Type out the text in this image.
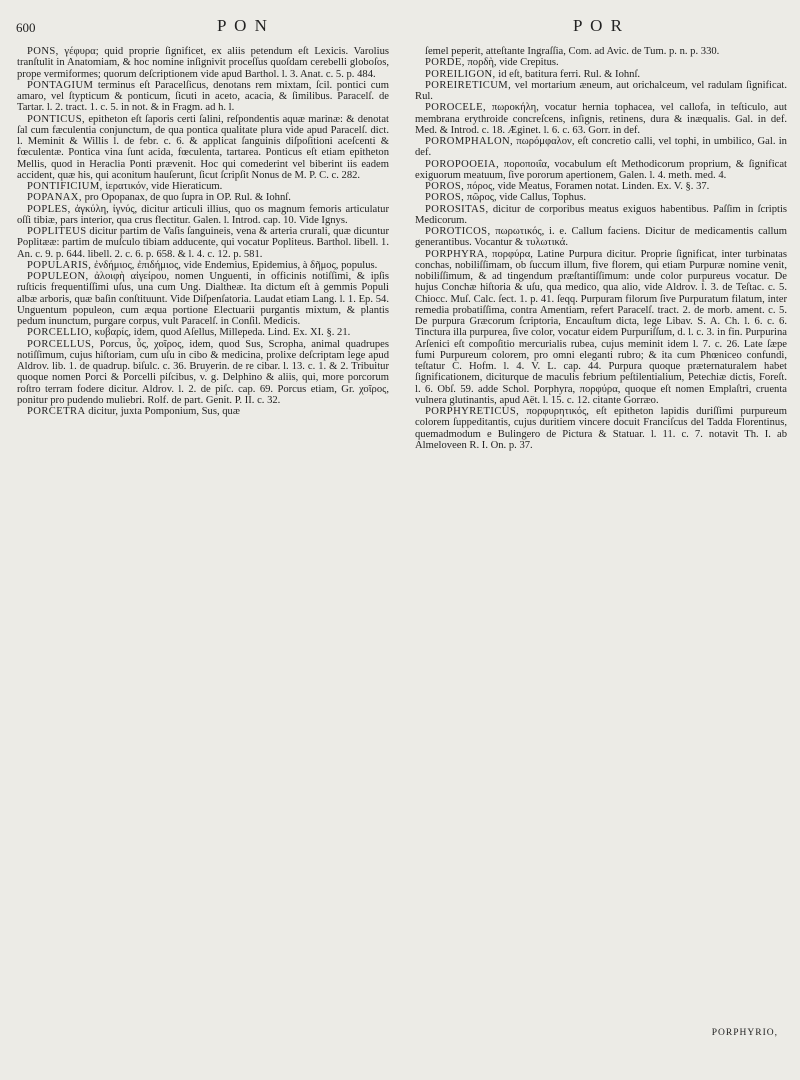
600	P O N	P O R

PONS, γέφυρα; quid proprie ſignificet, ex aliis petendum eſt Lexicis. Varolius tranſtulit in Anatomiam, & hoc nomine inſignivit proceſſus quoſdam cerebelli globoſos, prope vermiformes; quorum deſcriptionem vide apud Barthol. l. 3. Anat. c. 5. p. 484.

PONTAGIUM terminus eſt Paracelſicus, denotans rem mixtam, ſcil. pontici cum amaro, vel ſtypticum & ponticum, ſicuti in aceto, acacia, & ſimilibus. Paracelſ. de Tartar. l. 2. tract. 1. c. 5. in not. & in Fragm. ad h. l.

PONTICUS, epitheton eſt ſaporis certi ſalini, reſpondentis aquæ marinæ: & denotat ſal cum fæculentia conjunctum, de qua pontica qualitate plura vide apud Paracelſ. dict. l. Meminit & Willis l. de febr. c. 6. & applicat ſanguinis diſpoſitioni aceſcenti & fœculentæ. Pontica vina ſunt acida, fœculenta, tartarea. Ponticus eſt etiam epitheton Mellis, quod in Heraclia Ponti prævenit. Hoc qui comederint vel biberint iis eadem accident, quæ his, qui aconitum hauſerunt, ſicut ſcripſit Nonus de M. P. C. c. 282.

PONTIFICIUM, ἱερατικόν, vide Hieraticum.

POPANAX, pro Opopanax, de quo ſupra in OP. Rul. & Iohnſ.

POPLES, ἀγκύλη, ἰγνύς, dicitur articuli illius, quo os magnum femoris articulatur oſſi tibiæ, pars interior, qua crus flectitur. Galen. l. Introd. cap. 10. Vide Ignys.

POPLITEUS dicitur partim de Vaſis ſanguineis, vena & arteria crurali, quæ dicuntur Poplitææ: partim de muſculo tibiam adducente, qui vocatur Popliteus. Barthol. libell. 1. An. c. 9. p. 644. libell. 2. c. 6. p. 658. & l. 4. c. 12. p. 581.

POPULARIS, ἐνδήμιος, ἐπιδήμιος, vide Endemius, Epidemius, à δῆμος, populus.

POPULEON, ἀλοιφὴ αἰγείρου, nomen Unguenti, in officinis notiſſimi, & ipſis ruſticis frequentiſſimi uſus, una cum Ung. Dialtheæ. Ita dictum eſt à gemmis Populi albæ arboris, quæ baſin conſtituunt. Vide Diſpenſatoria. Laudat etiam Lang. l. 1. Ep. 54. Unguentum populeon, cum æqua portione Electuarii purgantis mixtum, & plantis pedum inunctum, purgare corpus, vult Paracelſ. in Conſil. Medicis.

PORCELLIO, κυβαρίς, idem, quod Aſellus, Millepeda. Lind. Ex. XI. §. 21.

PORCELLUS, Porcus, ὗς, χοῖρος, idem, quod Sus, Scropha, animal quadrupes notiſſimum, cujus hiſtoriam, cum uſu in cibo & medicina, prolixe deſcriptam lege apud Aldrov. lib. 1. de quadrup. biſulc. c. 36. Bruyerin. de re cibar. l. 13. c. 1. & 2. Tribuitur quoque nomen Porci & Porcelli piſcibus, v. g. Delphino & aliis, qui, more porcorum roſtro terram fodere dicitur. Aldrov. l. 2. de piſc. cap. 69. Porcus etiam, Gr. χοῖρος, ponitur pro pudendo muliebri. Rolf. de part. Genit. P. II. c. 32.

PORCETRA dicitur, juxta Pomponium, Sus, quæ

ſemel peperit, atteſtante Ingraſſia, Com. ad Avic. de Tum. p. n. p. 330.

PORDE, πορδὴ, vide Crepitus.

POREILIGON, id eſt, batitura ferri. Rul. & Iohnſ.

POREIRETICUM, vel mortarium æneum, aut orichalceum, vel radulam ſignificat. Rul.

POROCELE, πωροκήλη, vocatur hernia tophacea, vel callofa, in teſticulo, aut membrana erythroide concreſcens, inſignis, retinens, dura & inæqualis. Gal. in def. Med. & Introd. c. 18. Æginet. l. 6. c. 63. Gorr. in def.

POROMPHALON, πωρόμφαλον, eſt concretio calli, vel tophi, in umbilico, Gal. in def.

POROPOOEIA, πορoποιΐα, vocabulum eſt Methodicorum proprium, & ſignificat exiguorum meatuum, ſive pororum apertionem, Galen. l. 4. meth. med. 4.

POROS, πόρος, vide Meatus, Foramen notat. Linden. Ex. V. §. 37.

POROS, πῶρος, vide Callus, Tophus.

POROSITAS, dicitur de corporibus meatus exiguos habentibus. Paſſim in ſcriptis Medicorum.

POROTICOS, πωρωτικός, i. e. Callum faciens. Dicitur de medicamentis callum generantibus. Vocantur & τυλωτικά.

PORPHYRA, πορφύρα, Latine Purpura dicitur. Proprie ſignificat, inter turbinatas conchas, nobiliſſimam, ob ſuccum illum, five florem, qui etiam Purpuræ nomine venit, nobiliſſimum, & ad tingendum præſtantiſſimum: unde color purpureus vocatur. De hujus Conchæ hiſtoria & uſu, qua medico, qua alio, vide Aldrov. l. 3. de Teſtac. c. 5. Chiocc. Muſ. Calc. ſect. 1. p. 41. ſeqq. Purpuram filorum ſive Purpuratum filatum, inter remedia probatiſſima, contra Amentiam, refert Paracelſ. tract. 2. de morb. ament. c. 5. De purpura Græcorum ſcriptoria, Encauſtum dicta, lege Libav. S. A. Ch. l. 6. c. 6. Tinctura illa purpurea, ſive color, vocatur eidem Purpuriſſum, d. l. c. 3. in fin. Purpurina Arſenici eſt compoſitio mercurialis rubea, cujus meminit idem l. 7. c. 26. Late ſæpe fumi Purpureum colorem, pro omni eleganti rubro; & ita cum Phœniceo confundi, teſtatur C. Hofm. l. 4. V. L. cap. 44. Purpura quoque præternaturalem habet ſignificationem, diciturque de maculis febrium peſtilentialium, Petechiæ dictis, Foreſt. l. 6. Obſ. 59. adde Schol. Porphyra, πορφύρα, quoque eſt nomen Emplaſtri, cruenta vulnera glutinantis, apud Aët. l. 15. c. 12. citante Gorræo.

PORPHYRETICUS, πορφυρητικός, eſt epitheton lapidis duriſſimi purpureum colorem ſuppeditantis, cujus duritiem vincere docuit Franciſcus del Tadda Florentinus, quemadmodum e Bulingero de Pictura & Statuar. l. 11. c. 7. notavit Th. I. ab Almeloveen R. I. On. p. 37.

PORPHYRIO,
